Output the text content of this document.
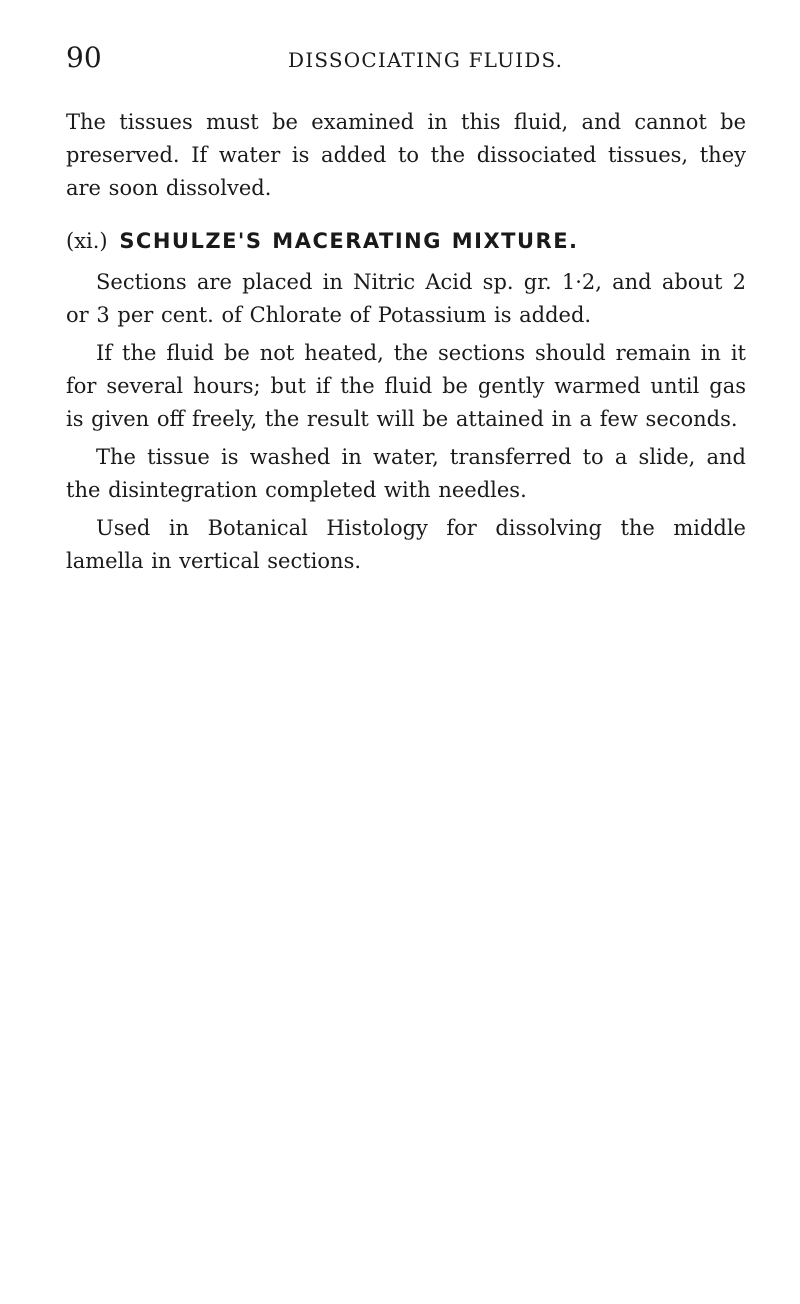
90	DISSOCIATING FLUIDS.

The tissues must be examined in this fluid, and cannot be preserved. If water is added to the dissociated tissues, they are soon dissolved.

(xi.) SCHULZE'S MACERATING MIXTURE.

Sections are placed in Nitric Acid sp. gr. 1·2, and about 2 or 3 per cent. of Chlorate of Potassium is added.

If the fluid be not heated, the sections should remain in it for several hours; but if the fluid be gently warmed until gas is given off freely, the result will be attained in a few seconds.

The tissue is washed in water, transferred to a slide, and the disintegration completed with needles.

Used in Botanical Histology for dissolving the middle lamella in vertical sections.
